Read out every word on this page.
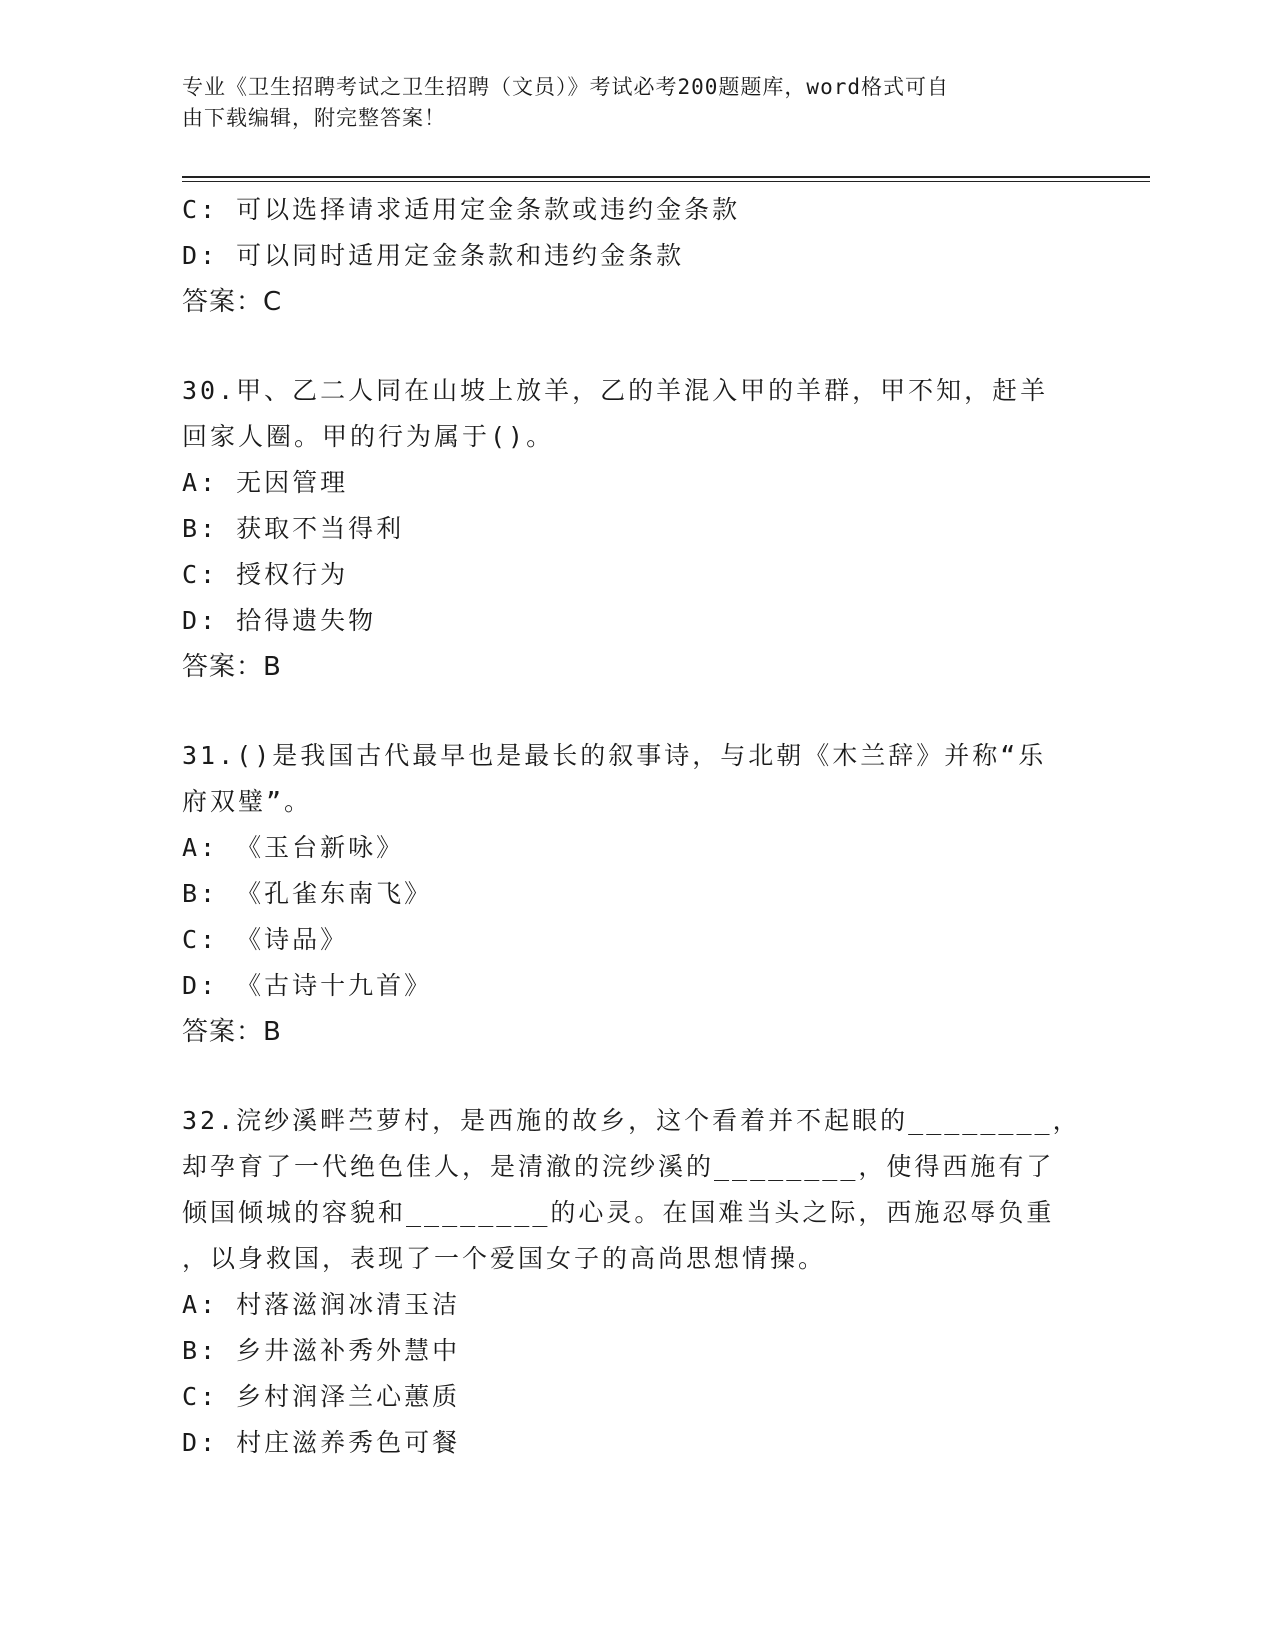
专业《卫生招聘考试之卫生招聘（文员）》考试必考200题题库，word格式可自
由下载编辑，附完整答案！

C: 可以选择请求适用定金条款或违约金条款

D: 可以同时适用定金条款和违约金条款

答案：C

30.甲、乙二人同在山坡上放羊，乙的羊混入甲的羊群，甲不知，赶羊

回家人圈。甲的行为属于()。

A: 无因管理

B: 获取不当得利

C: 授权行为

D: 拾得遗失物

答案：B

31.()是我国古代最早也是最长的叙事诗，与北朝《木兰辞》并称“乐

府双璧”。

A: 《玉台新咏》

B: 《孔雀东南飞》

C: 《诗品》

D: 《古诗十九首》

答案：B

32.浣纱溪畔苎萝村，是西施的故乡，这个看着并不起眼的________，

却孕育了一代绝色佳人，是清澈的浣纱溪的________，使得西施有了

倾国倾城的容貌和________的心灵。在国难当头之际，西施忍辱负重

，以身救国，表现了一个爱国女子的高尚思想情操。

A: 村落滋润冰清玉洁

B: 乡井滋补秀外慧中

C: 乡村润泽兰心蕙质

D: 村庄滋养秀色可餐
